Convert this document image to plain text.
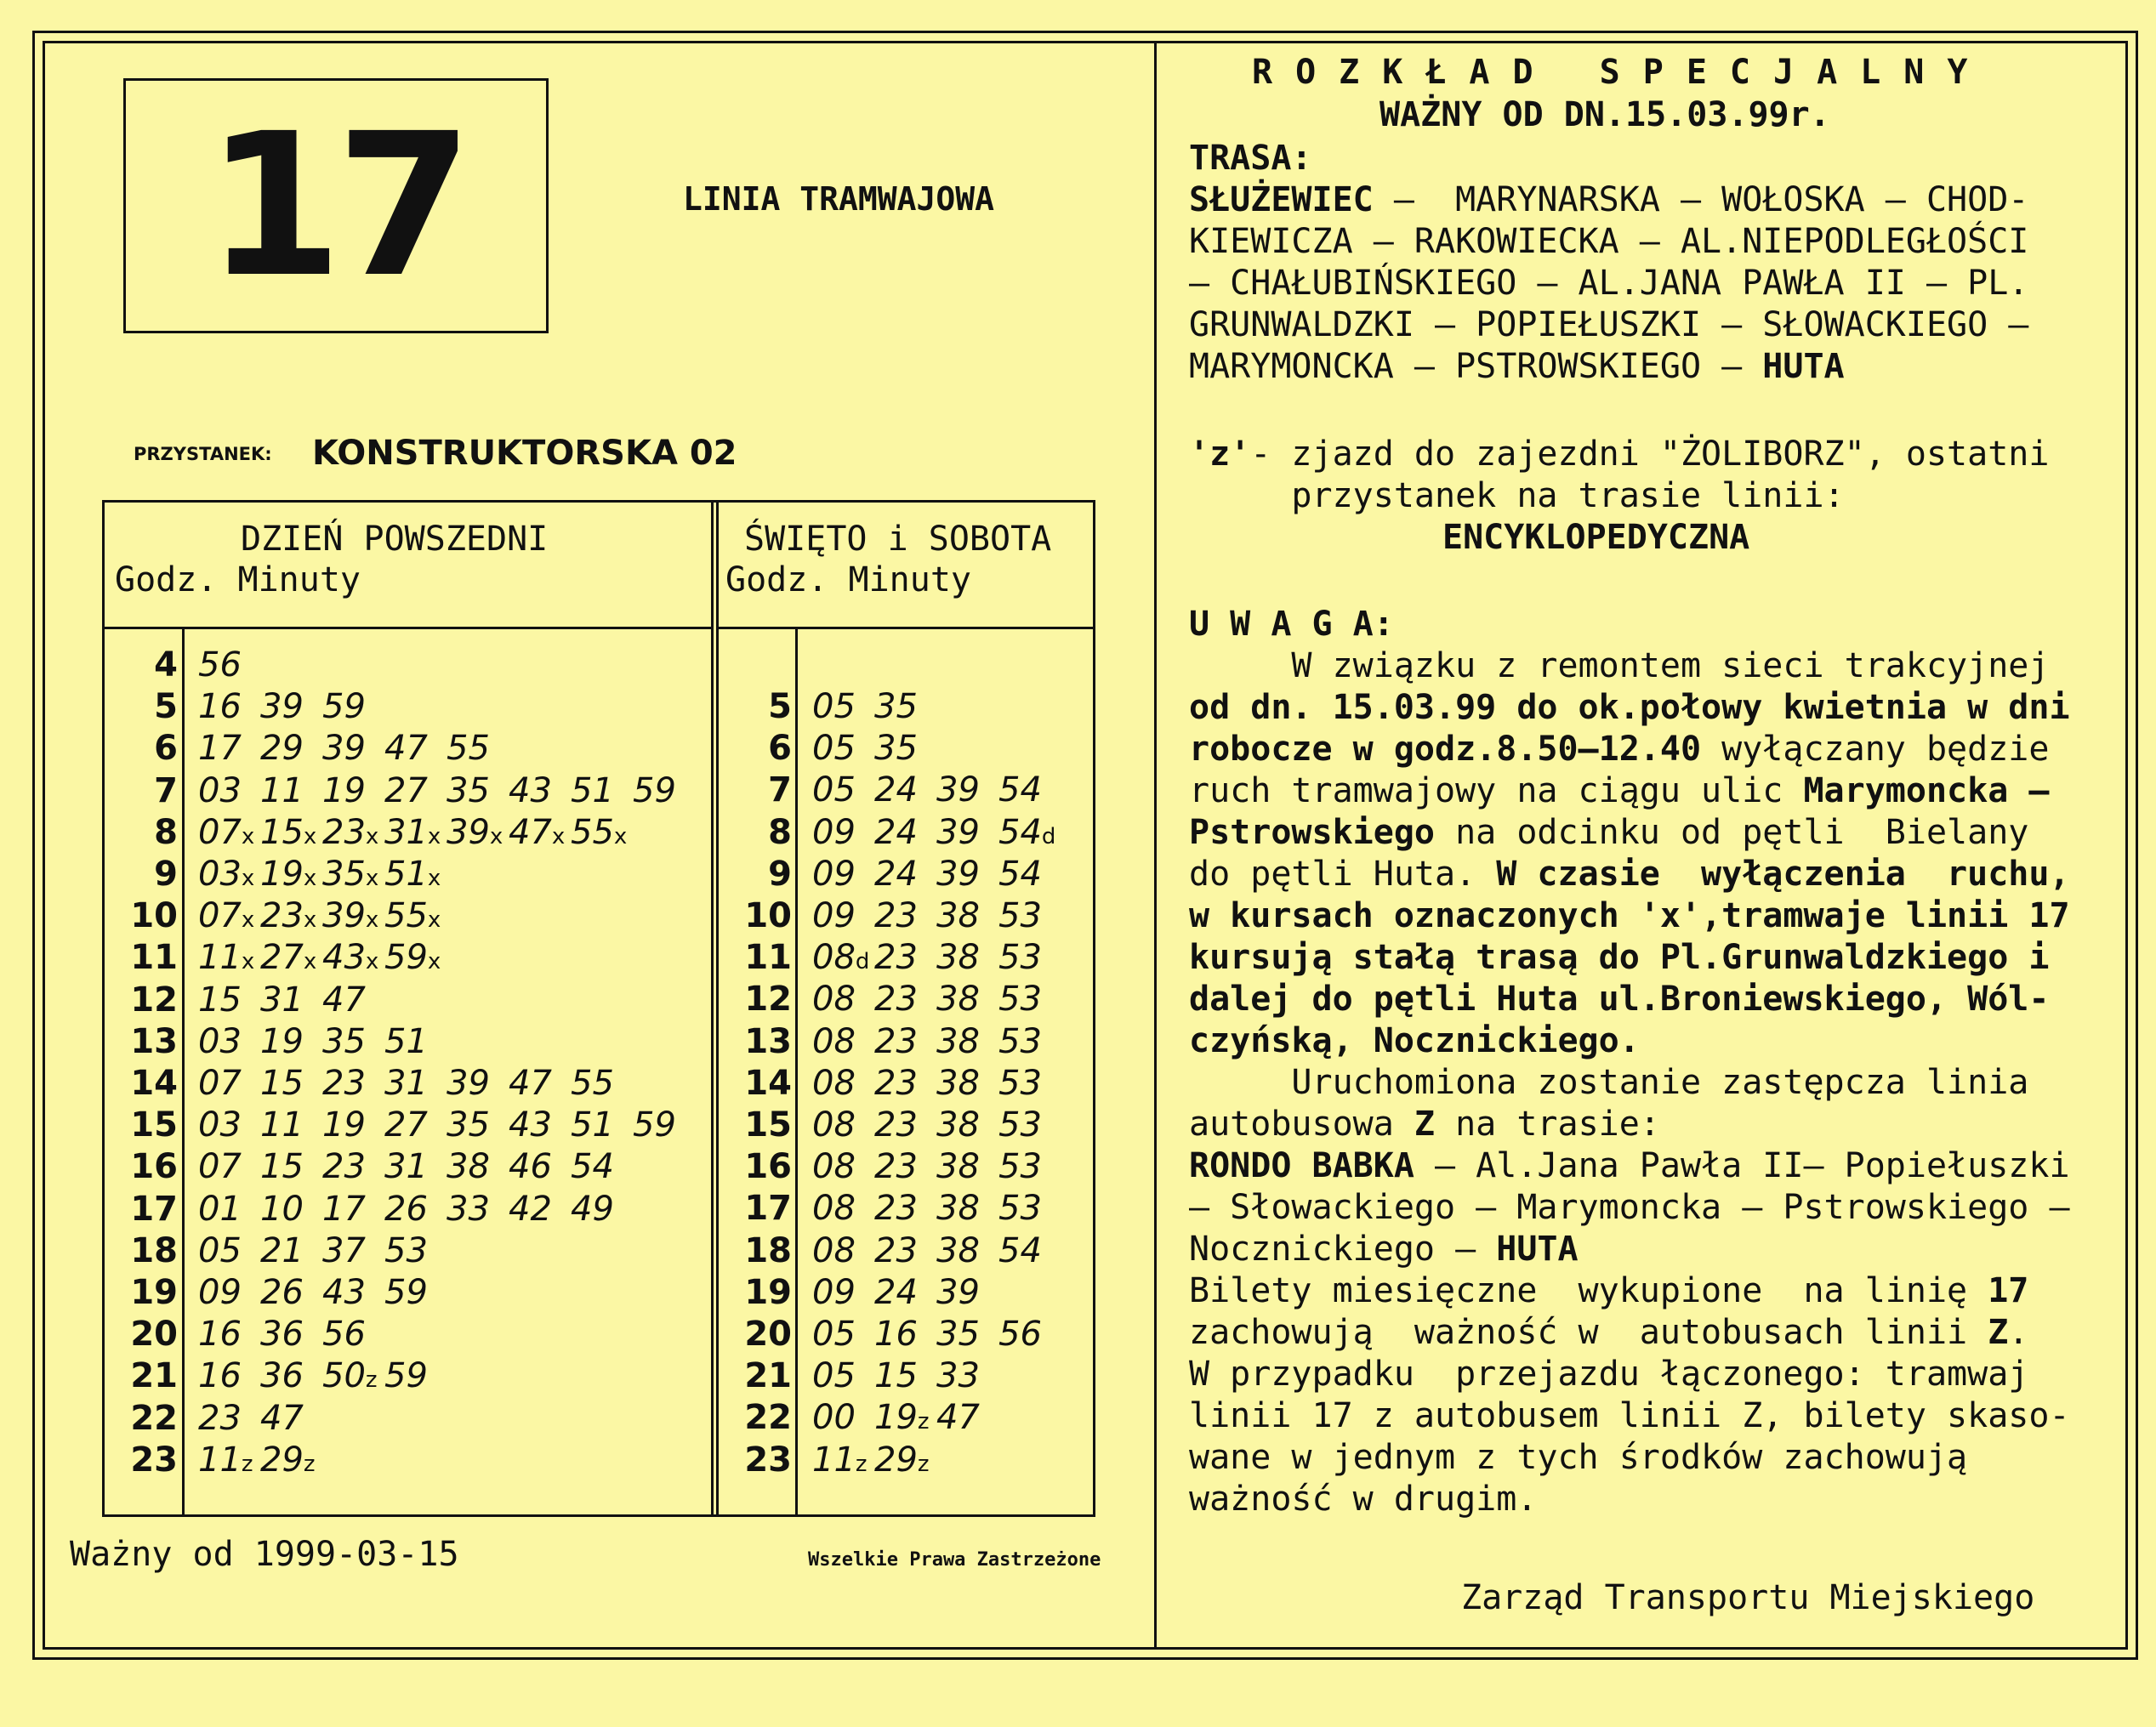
17	LINIA TRAMWAJOWA
PRZYSTANEK: KONSTRUKTORSKA 02
DZIEŃ POWSZEDNI
Godz. Minuty
ŚWIĘTO i SOBOTA
Godz. Minuty
4 56
5 16 39 59
6 17 29 39 47 55
7 03 11 19 27 35 43 51 59
8 07x 15x 23x 31x 39x 47x 55x
9 03x 19x 35x 51x
10 07x 23x 39x 55x
11 11x 27x 43x 59x
12 15 31 47
13 03 19 35 51
14 07 15 23 31 39 47 55
15 03 11 19 27 35 43 51 59
16 07 15 23 31 38 46 54
17 01 10 17 26 33 42 49
18 05 21 37 53
19 09 26 43 59
20 16 36 56
21 16 36 50z 59
22 23 47
23 11z 29z
5 05 35
6 05 35
7 05 24 39 54
8 09 24 39 54d
9 09 24 39 54
10 09 23 38 53
11 08d 23 38 53
12 08 23 38 53
13 08 23 38 53
14 08 23 38 53
15 08 23 38 53
16 08 23 38 53
17 08 23 38 53
18 08 23 38 54
19 09 24 39
20 05 16 35 56
21 05 15 33
22 00 19z 47
23 11z 29z
Ważny od 1999-03-15	Wszelkie Prawa Zastrzeżone
ROZKŁAD SPECJALNY
WAŻNY OD DN.15.03.99r.
TRASA:
SŁUŻEWIEC –  MARYNARSKA – WOŁOSKA – CHOD-
KIEWICZA – RAKOWIECKA – AL.NIEPODLEGŁOŚCI
– CHAŁUBIŃSKIEGO – AL.JANA PAWŁA II – PL.
GRUNWALDZKI – POPIEŁUSZKI – SŁOWACKIEGO –
MARYMONCKA – PSTROWSKIEGO – HUTA
'z'- zjazd do zajezdni "ŻOLIBORZ", ostatni
przystanek na trasie linii:
ENCYKLOPEDYCZNA
U W A G A:
W związku z remontem sieci trakcyjnej
od dn. 15.03.99 do ok.połowy kwietnia w dni
robocze w godz.8.50–12.40 wyłączany będzie
ruch tramwajowy na ciągu ulic Marymoncka –
Pstrowskiego na odcinku od pętli  Bielany
do pętli Huta. W czasie  wyłączenia  ruchu,
w kursach oznaczonych 'x',tramwaje linii 17
kursują stałą trasą do Pl.Grunwaldzkiego i
dalej do pętli Huta ul.Broniewskiego, Wól-
czyńską, Nocznickiego.
Uruchomiona zostanie zastępcza linia
autobusowa Z na trasie:
RONDO BABKA – Al.Jana Pawła II– Popiełuszki
– Słowackiego – Marymoncka – Pstrowskiego –
Nocznickiego – HUTA
Bilety miesięczne  wykupione  na linię 17
zachowują  ważność w  autobusach linii Z.
W przypadku  przejazdu łączonego: tramwaj
linii 17 z autobusem linii Z, bilety skaso-
wane w jednym z tych środków zachowują
ważność w drugim.
Zarząd Transportu Miejskiego
